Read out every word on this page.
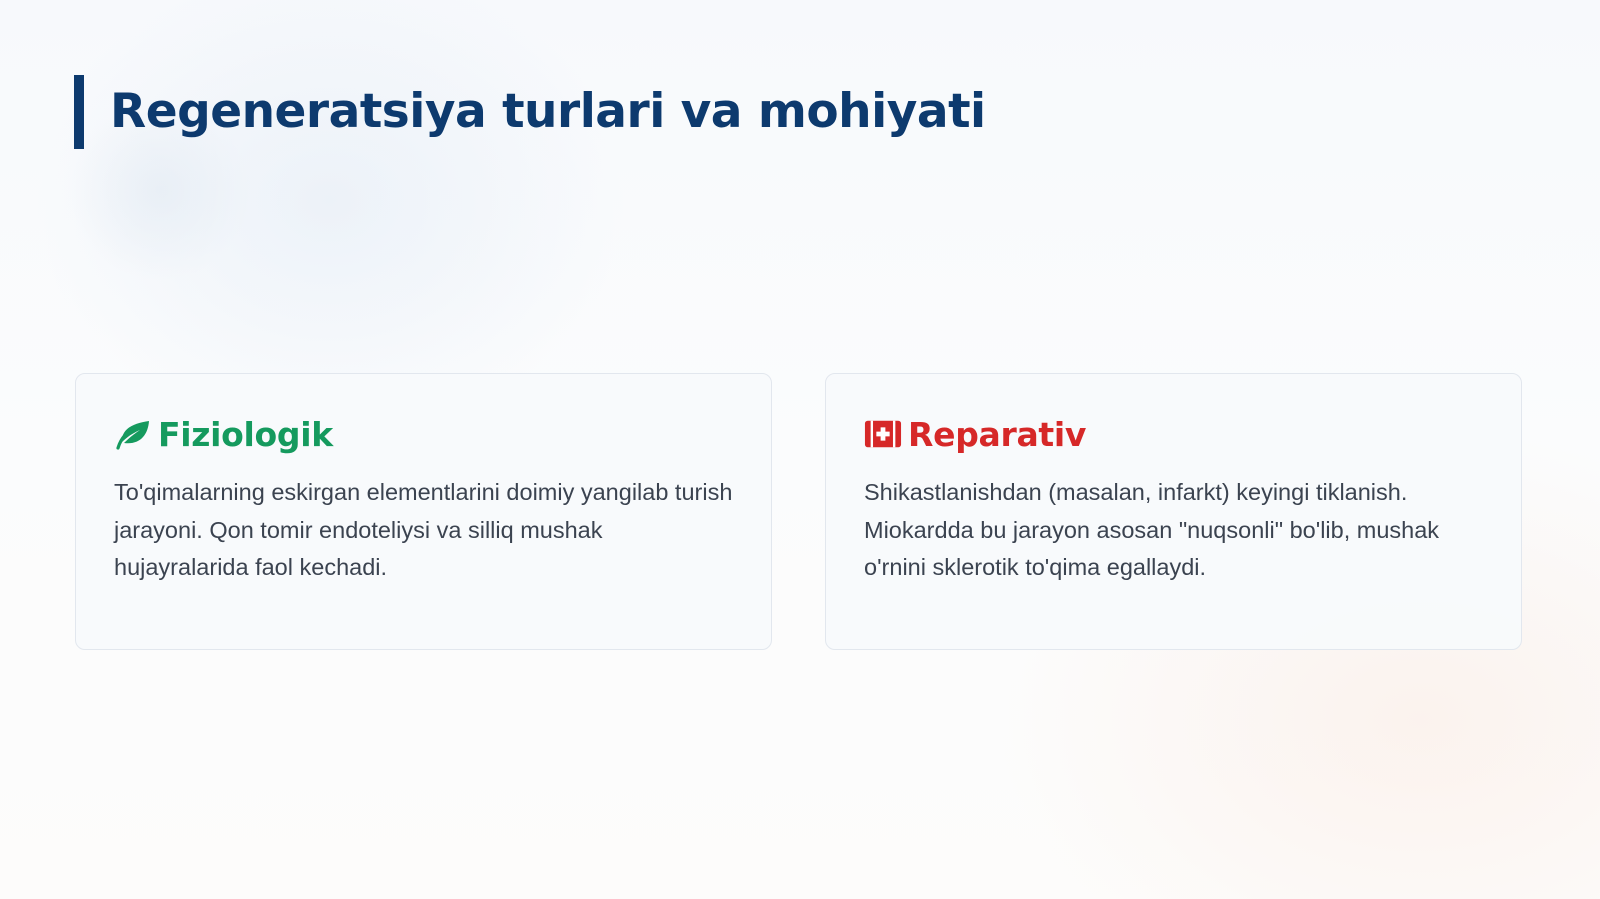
Regeneratsiya turlari va mohiyati
Fiziologik

To'qimalarning eskirgan elementlarini doimiy yangilab turish jarayoni. Qon tomir endoteliysi va silliq mushak hujayralarida faol kechadi.

Reparativ

Shikastlanishdan (masalan, infarkt) keyingi tiklanish. Miokardda bu jarayon asosan "nuqsonli" bo'lib, mushak o'rnini sklerotik to'qima egallaydi.
